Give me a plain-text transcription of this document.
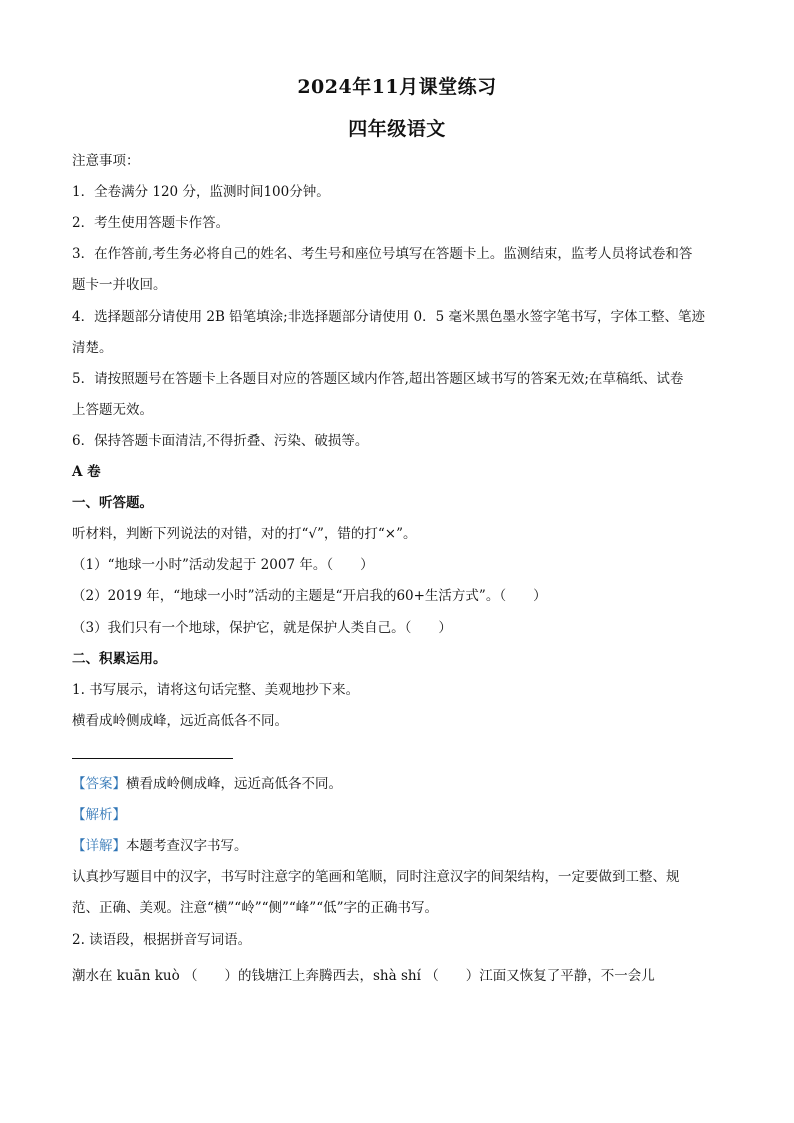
2024年11月课堂练习
四年级语文
注意事项：
1．全卷满分 120 分，监测时间100分钟。
2．考生使用答题卡作答。
3．在作答前,考生务必将自己的姓名、考生号和座位号填写在答题卡上。监测结束，监考人员将试卷和答
题卡一并收回。
4．选择题部分请使用 2B 铅笔填涂;非选择题部分请使用 0．5 毫米黑色墨水签字笔书写，字体工整、笔迹
清楚。
5．请按照题号在答题卡上各题目对应的答题区域内作答,超出答题区域书写的答案无效;在草稿纸、试卷
上答题无效。
6．保持答题卡面清洁,不得折叠、污染、破损等。
A 卷
一、听答题。
听材料，判断下列说法的对错，对的打“√”，错的打“×”。
（1）“地球一小时”活动发起于 2007 年。（　　）
（2）2019 年，“地球一小时”活动的主题是“开启我的60+生活方式”。（　　）
（3）我们只有一个地球，保护它，就是保护人类自己。（　　）
二、积累运用。
1. 书写展示，请将这句话完整、美观地抄下来。
横看成岭侧成峰，远近高低各不同。
【答案】横看成岭侧成峰，远近高低各不同。
【解析】
【详解】本题考查汉字书写。
认真抄写题目中的汉字，书写时注意字的笔画和笔顺，同时注意汉字的间架结构，一定要做到工整、规
范、正确、美观。注意“横”“岭”“侧”“峰”“低”字的正确书写。
2. 读语段，根据拼音写词语。
潮水在 kuān kuò （　　）的钱塘江上奔腾西去，shà shí （　　）江面又恢复了平静，不一会儿
